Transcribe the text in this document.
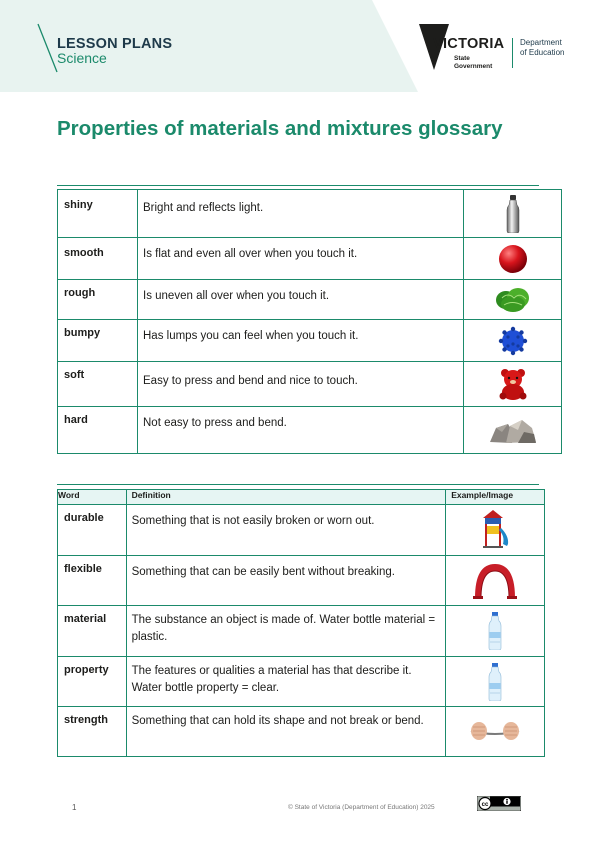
LESSON PLANS
Science
VICTORIA
State
Government
Department
of Education
Properties of materials and mixtures glossary
shiny	Bright and reflects light.	
smooth	Is flat and even all over when you touch it.	
rough	Is uneven all over when you touch it.	
bumpy	Has lumps you can feel when you touch it.	
soft	Easy to press and bend and nice to touch.	
hard	Not easy to press and bend.	
Word	Definition	Example/Image
durable	Something that is not easily broken or worn out.	
flexible	Something that can be easily bent without breaking.	
material	The substance an object is made of. Water bottle material = plastic.	
property	The features or qualities a material has that describe it. Water bottle property = clear.	
strength	Something that can hold its shape and not break or bend.	
1	© State of Victoria (Department of Education) 2025	cc
